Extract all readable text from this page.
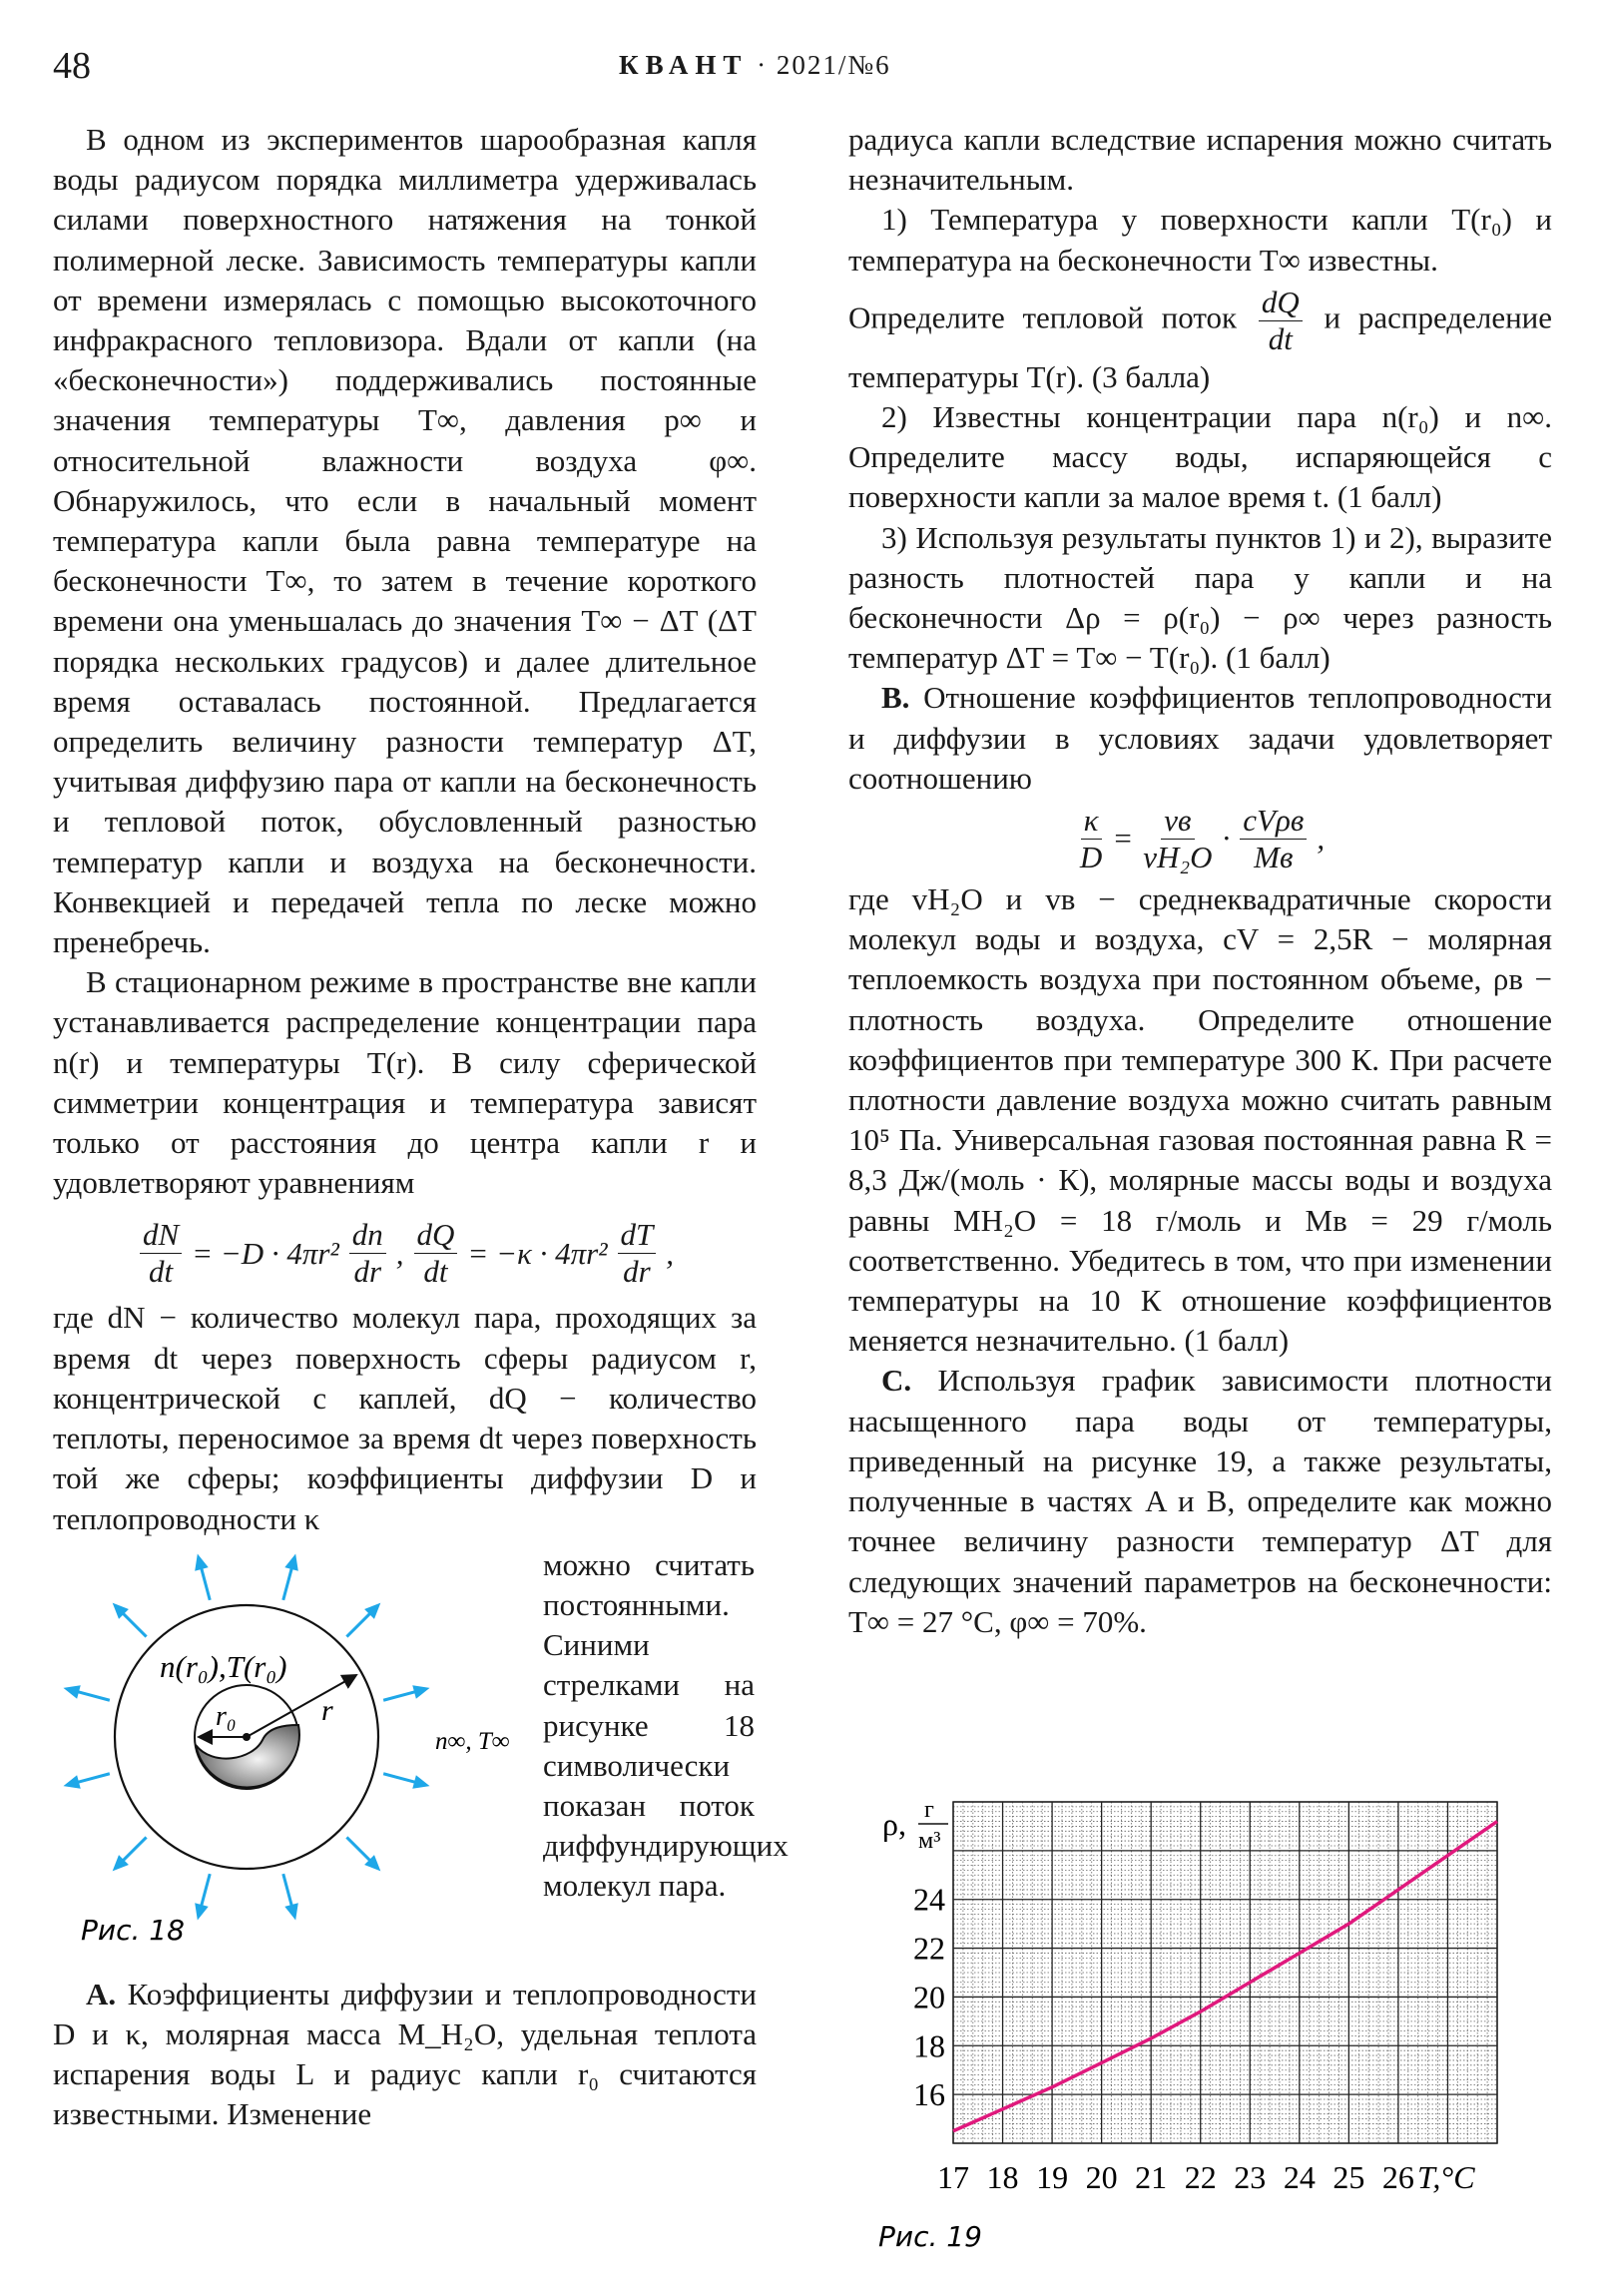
48	КВАНТ · 2021/№6

В одном из экспериментов шарообразная капля воды радиусом порядка миллиметра удерживалась силами поверхностного натяжения на тонкой полимерной леске. Зависимость температуры капли от времени измерялась с помощью высокоточного инфракрасного тепловизора. Вдали от капли (на «бесконечности») поддерживались постоянные значения температуры T∞, давления p∞ и относительной влажности воздуха φ∞. Обнаружилось, что если в начальный момент температура капли была равна температуре на бесконечности T∞, то затем в течение короткого времени она уменьшалась до значения T∞ − ΔT (ΔT порядка нескольких градусов) и далее длительное время оставалась постоянной. Предлагается определить величину разности температур ΔT, учитывая диффузию пара от капли на бесконечность и тепловой поток, обусловленный разностью температур капли и воздуха на бесконечности. Конвекцией и передачей тепла по леске можно пренебречь.

В стационарном режиме в пространстве вне капли устанавливается распределение концентрации пара n(r) и температуры T(r). В силу сферической симметрии концентрация и температура зависят только от расстояния до центра капли r и удовлетворяют уравнениям

$\frac{dN}{dt} = -D \cdot 4\pi r^2 \frac{dn}{dr}$ , $\frac{dQ}{dt} = -\kappa \cdot 4\pi r^2 \frac{dT}{dr}$ ,

где dN − количество молекул пара, проходящих за время dt через поверхность сферы радиусом r, концентрической с каплей, dQ − количество теплоты, переносимое за время dt через поверхность той же сферы; коэффициенты диффузии D и теплопроводности κ

n(r₀),T(r₀)
r₀	r
n∞, T∞
Рис. 18

можно считать постоянными. Синими стрелками на рисунке 18 символически показан поток диффундирующих молекул пара.

A. Коэффициенты диффузии и теплопроводности D и κ, молярная масса M_H₂O, удельная теплота испарения воды L и радиус капли r₀ считаются известными. Изменение

радиуса капли вследствие испарения можно считать незначительным.

1) Температура у поверхности капли T(r₀) и температура на бесконечности T∞ известны.

Определите тепловой поток $\frac{dQ}{dt}$ и распределение температуры T(r). (3 балла)

2) Известны концентрации пара n(r₀) и n∞. Определите массу воды, испаряющейся с поверхности капли за малое время t. (1 балл)

3) Используя результаты пунктов 1) и 2), выразите разность плотностей пара у капли и на бесконечности Δρ = ρ(r₀) − ρ∞ через разность температур ΔT = T∞ − T(r₀). (1 балл)

B. Отношение коэффициентов теплопроводности и диффузии в условиях задачи удовлетворяет соотношению

$\frac{\kappa}{D}$ =
vв
vH₂O
·
cVρв
Mв
,

где vH₂O и vв − среднеквадратичные скорости молекул воды и воздуха, cV = 2,5R − молярная теплоемкость воздуха при постоянном объеме, ρв − плотность воздуха. Определите отношение коэффициентов при температуре 300 К. При расчете плотности давление воздуха можно считать равным 10⁵ Па. Универсальная газовая постоянная равна R = 8,3 Дж/(моль · К), молярные массы воды и воздуха равны MH₂O = 18 г/моль и Mв = 29 г/моль соответственно. Убедитесь в том, что при изменении температуры на 10 К отношение коэффициентов меняется незначительно. (1 балл)

C. Используя график зависимости плотности насыщенного пара воды от температуры, приведенный на рисунке 19, а также результаты, полученные в частях A и B, определите как можно точнее величину разности температур ΔT для следующих значений параметров на бесконечности: T∞ = 27 °C, φ∞ = 70%.

17 18 19 20 21 22 23 24 25 26
16
18
20
22
24
ρ, г
м³
T,°C
Рис. 19
